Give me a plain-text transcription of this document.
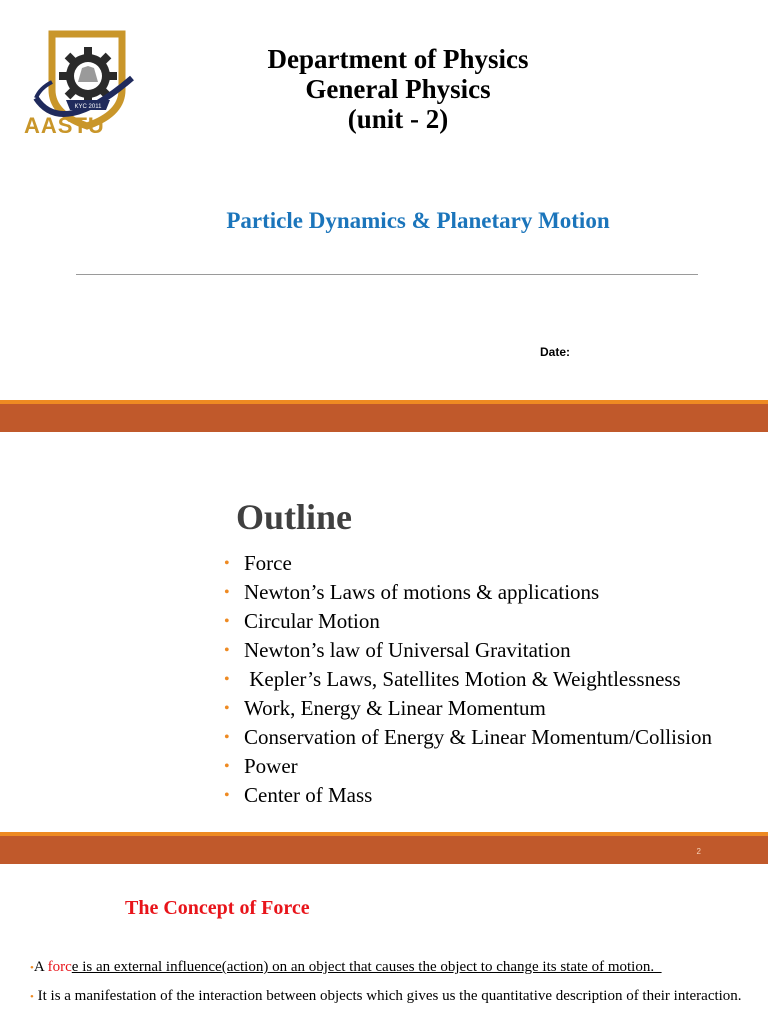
KYC 2011
AASTU
Department of Physics
General Physics
(unit - 2)
Particle Dynamics & Planetary Motion
Date:
Outline
• Force
• Newton’s Laws of motions & applications
• Circular Motion
• Newton’s law of Universal Gravitation
• Kepler’s Laws, Satellites Motion & Weightlessness
• Work, Energy & Linear Momentum
• Conservation of Energy & Linear Momentum/Collision
• Power
• Center of Mass
2
The Concept of Force
•A force is an external influence(action) on an object that causes the object to change its state of motion.
• It is a manifestation of the interaction between objects which gives us the quantitative description of their interaction.
